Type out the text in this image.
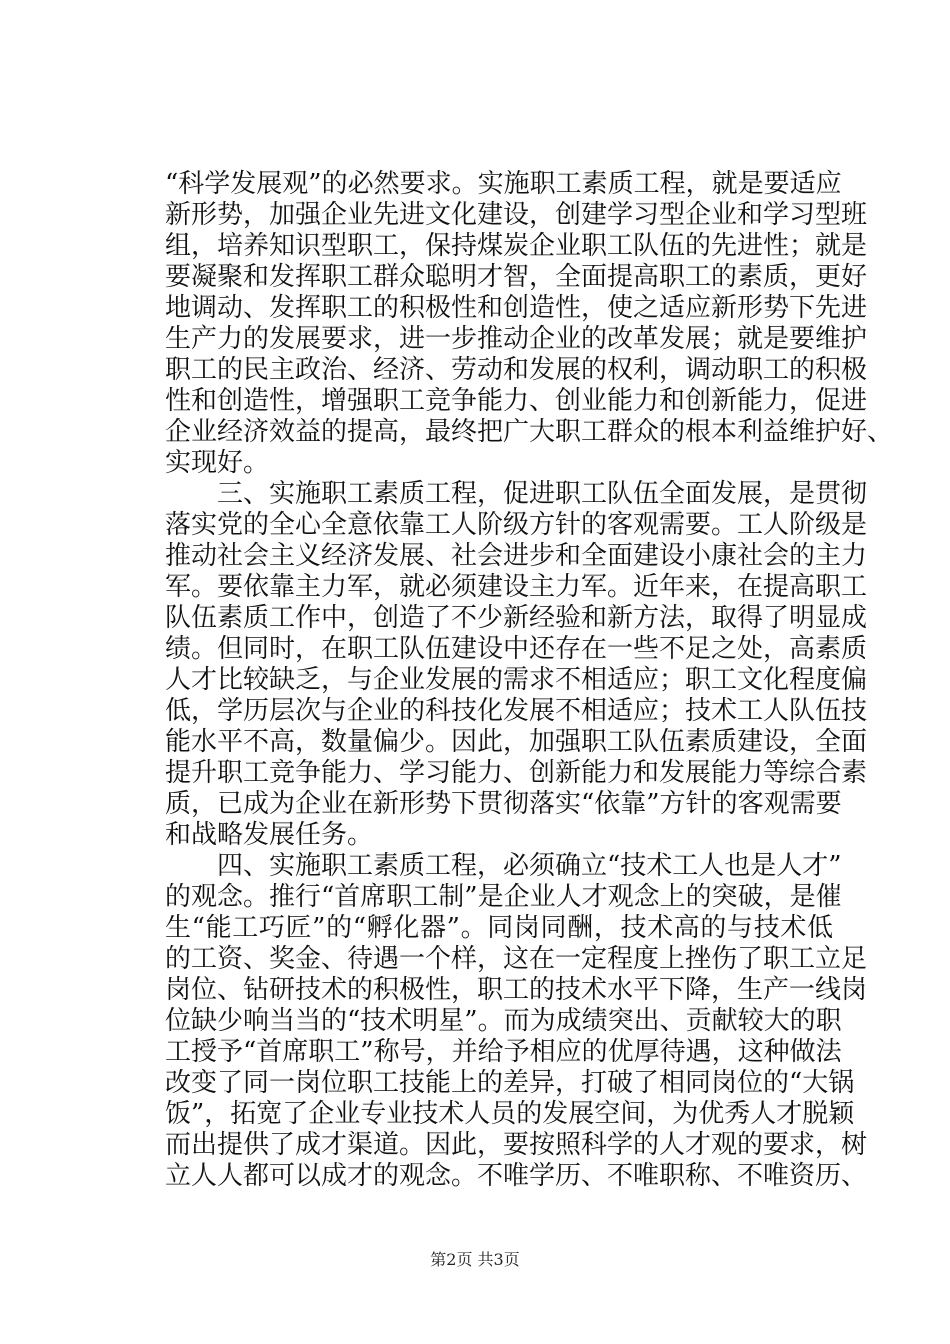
“科学发展观”的必然要求。实施职工素质工程，就是要适应
新形势，加强企业先进文化建设，创建学习型企业和学习型班
组，培养知识型职工，保持煤炭企业职工队伍的先进性；就是
要凝聚和发挥职工群众聪明才智，全面提高职工的素质，更好
地调动、发挥职工的积极性和创造性，使之适应新形势下先进
生产力的发展要求，进一步推动企业的改革发展；就是要维护
职工的民主政治、经济、劳动和发展的权利，调动职工的积极
性和创造性，增强职工竞争能力、创业能力和创新能力，促进
企业经济效益的提高，最终把广大职工群众的根本利益维护好、
实现好。
三、实施职工素质工程，促进职工队伍全面发展，是贯彻
落实党的全心全意依靠工人阶级方针的客观需要。工人阶级是
推动社会主义经济发展、社会进步和全面建设小康社会的主力
军。要依靠主力军，就必须建设主力军。近年来，在提高职工
队伍素质工作中，创造了不少新经验和新方法，取得了明显成
绩。但同时，在职工队伍建设中还存在一些不足之处，高素质
人才比较缺乏，与企业发展的需求不相适应；职工文化程度偏
低，学历层次与企业的科技化发展不相适应；技术工人队伍技
能水平不高，数量偏少。因此，加强职工队伍素质建设，全面
提升职工竞争能力、学习能力、创新能力和发展能力等综合素
质，已成为企业在新形势下贯彻落实“依靠”方针的客观需要
和战略发展任务。
四、实施职工素质工程，必须确立“技术工人也是人才”
的观念。推行“首席职工制”是企业人才观念上的突破，是催
生“能工巧匠”的“孵化器”。同岗同酬，技术高的与技术低
的工资、奖金、待遇一个样，这在一定程度上挫伤了职工立足
岗位、钻研技术的积极性，职工的技术水平下降，生产一线岗
位缺少响当当的“技术明星”。而为成绩突出、贡献较大的职
工授予“首席职工”称号，并给予相应的优厚待遇，这种做法
改变了同一岗位职工技能上的差异，打破了相同岗位的“大锅
饭”，拓宽了企业专业技术人员的发展空间，为优秀人才脱颖
而出提供了成才渠道。因此，要按照科学的人才观的要求，树
立人人都可以成才的观念。不唯学历、不唯职称、不唯资历、
第2页 共3页
